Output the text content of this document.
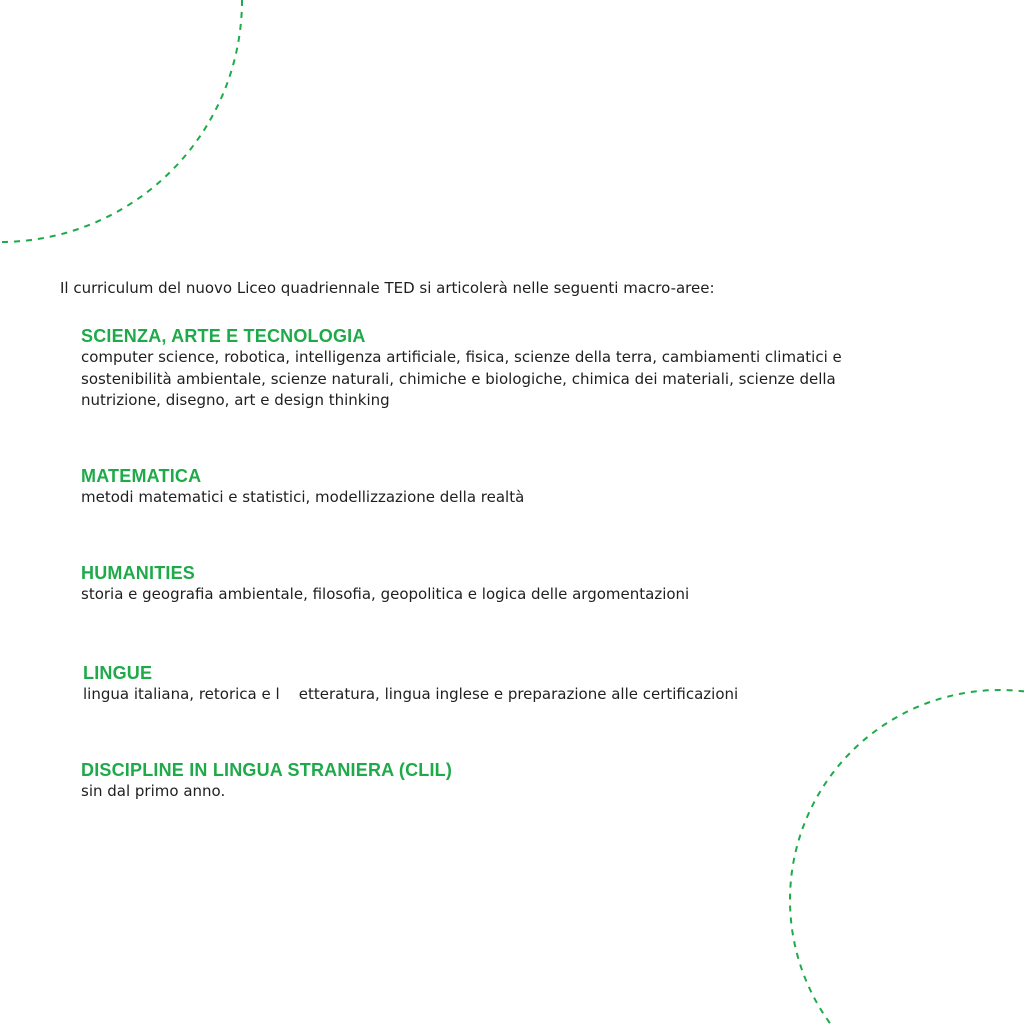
Il curriculum del nuovo Liceo quadriennale TED si articolerà nelle seguenti macro-aree:

SCIENZA, ARTE E TECNOLOGIA

computer science, robotica, intelligenza artificiale, fisica, scienze della terra, cambiamenti climatici e

sostenibilità ambientale, scienze naturali, chimiche e biologiche, chimica dei materiali, scienze della

nutrizione, disegno, art e design thinking

MATEMATICA

metodi matematici e statistici, modellizzazione della realtà

HUMANITIES

storia e geografia ambientale, filosofia, geopolitica e logica delle argomentazioni

LINGUE

lingua italiana, retorica e l    etteratura, lingua inglese e preparazione alle certificazioni

DISCIPLINE IN LINGUA STRANIERA (CLIL)

sin dal primo anno.
